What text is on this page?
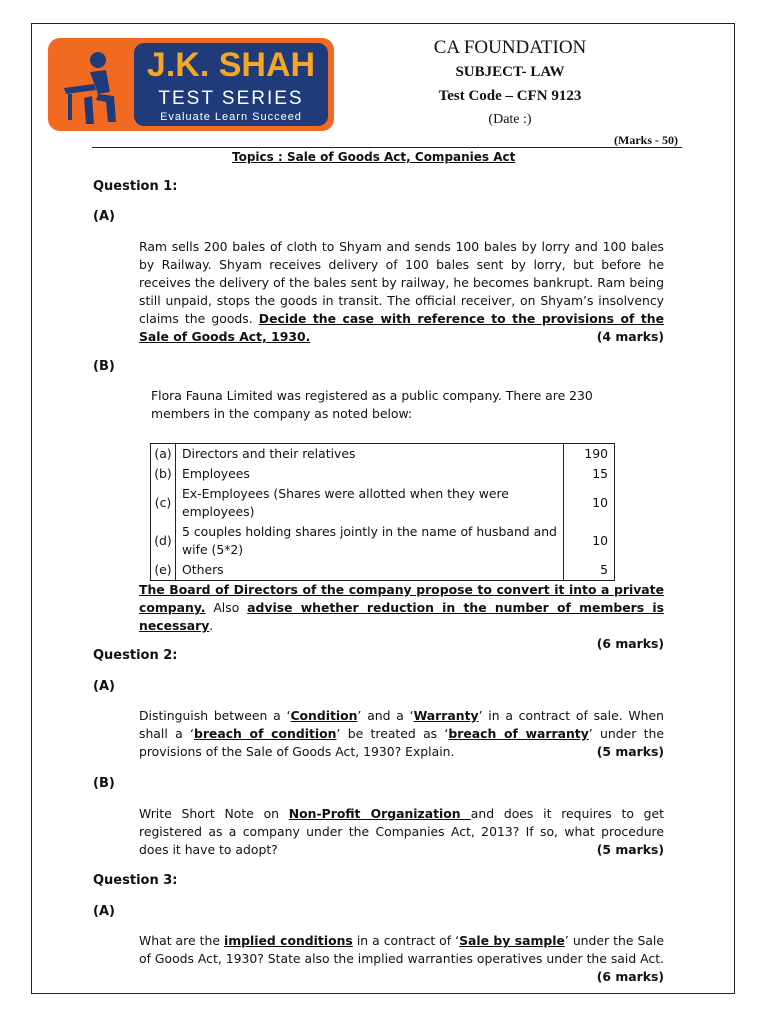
J.K. SHAH
TEST SERIES
Evaluate Learn Succeed
CA FOUNDATION
SUBJECT- LAW
Test Code – CFN 9123
(Date :)
(Marks - 50)
Topics : Sale of Goods Act, Companies Act
Question 1:
(A)
Ram sells 200 bales of cloth to Shyam and sends 100 bales by lorry and 100 bales by Railway. Shyam receives delivery of 100 bales sent by lorry, but before he receives the delivery of the bales sent by railway, he becomes bankrupt. Ram being still unpaid, stops the goods in transit. The official receiver, on Shyam’s insolvency claims the goods. Decide the case with reference to the provisions of the Sale of Goods Act, 1930.	(4 marks)
(B)
Flora Fauna Limited was registered as a public company. There are 230 members in the company as noted below:
(a)	Directors and their relatives	190
(b)	Employees	15
(c)	Ex-Employees (Shares were allotted when they were employees)	10
(d)	5 couples holding shares jointly in the name of husband and wife (5*2)	10
(e)	Others	5
The Board of Directors of the company propose to convert it into a private company. Also advise whether reduction in the number of members is necessary.
(6 marks)
Question 2:
(A)
Distinguish between a ‘Condition’ and a ‘Warranty’ in a contract of sale. When shall a ‘breach of condition’ be treated as ‘breach of warranty’ under the provisions of the Sale of Goods Act, 1930? Explain.	(5 marks)
(B)
Write Short Note on Non-Profit Organization and does it requires to get registered as a company under the Companies Act, 2013? If so, what procedure does it have to adopt?	(5 marks)
Question 3:
(A)
What are the implied conditions in a contract of ‘Sale by sample’ under the Sale of Goods Act, 1930? State also the implied warranties operatives under the said Act.
(6 marks)
